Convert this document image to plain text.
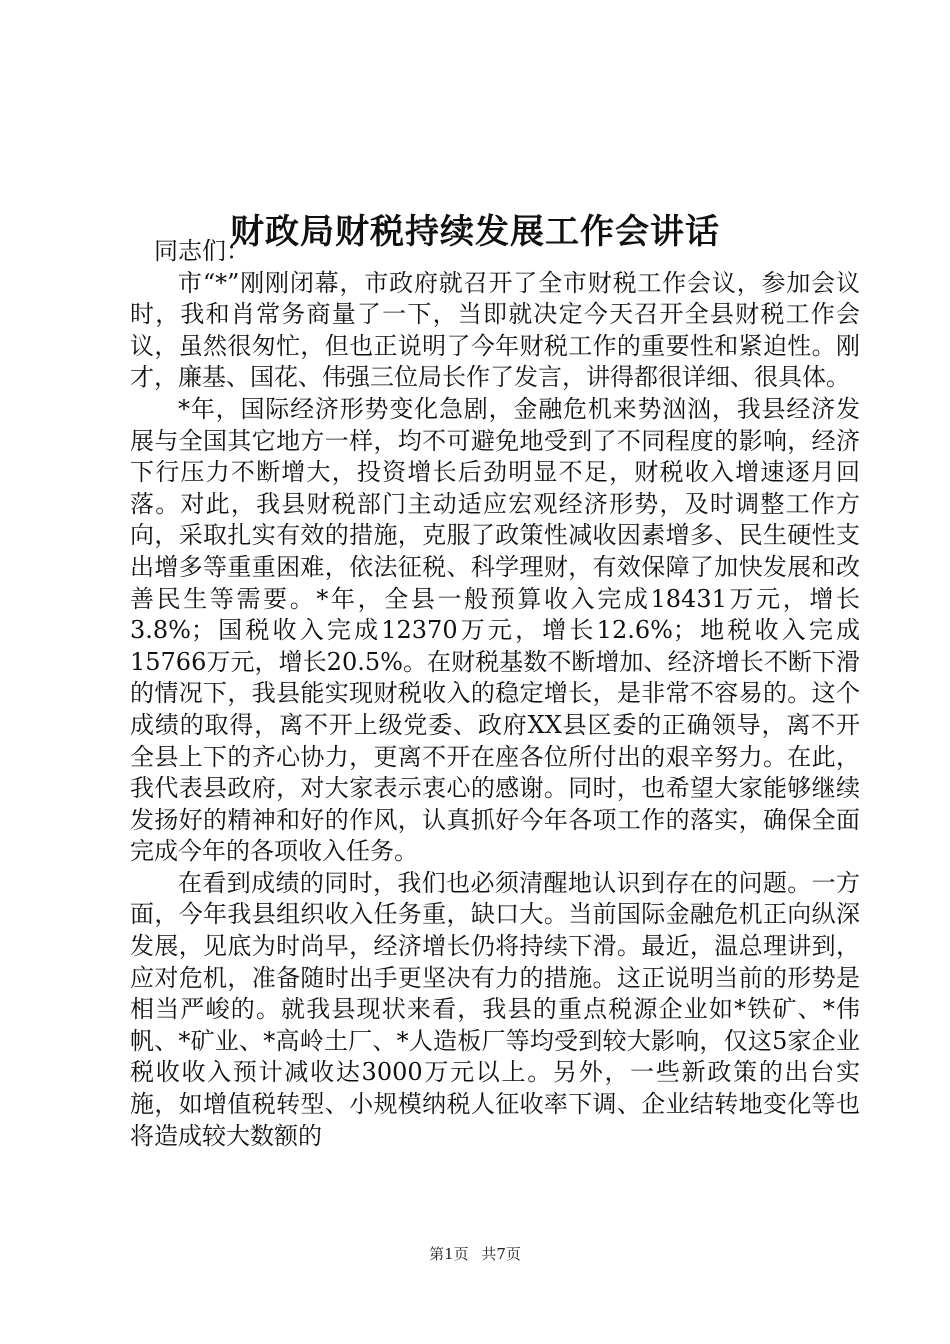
财政局财税持续发展工作会讲话

同志们：

市“*”刚刚闭幕，市政府就召开了全市财税工作会议，参加会议时，我和肖常务商量了一下，当即就决定今天召开全县财税工作会议，虽然很匆忙，但也正说明了今年财税工作的重要性和紧迫性。刚才，廉基、国花、伟强三位局长作了发言，讲得都很详细、很具体。

*年，国际经济形势变化急剧，金融危机来势汹汹，我县经济发展与全国其它地方一样，均不可避免地受到了不同程度的影响，经济下行压力不断增大，投资增长后劲明显不足，财税收入增速逐月回落。对此，我县财税部门主动适应宏观经济形势，及时调整工作方向，采取扎实有效的措施，克服了政策性减收因素增多、民生硬性支出增多等重重困难，依法征税、科学理财，有效保障了加快发展和改善民生等需要。*年，全县一般预算收入完成18431万元，增长3.8%；国税收入完成12370万元，增长12.6%；地税收入完成15766万元，增长20.5%。在财税基数不断增加、经济增长不断下滑的情况下，我县能实现财税收入的稳定增长，是非常不容易的。这个成绩的取得，离不开上级党委、政府XX县区委的正确领导，离不开全县上下的齐心协力，更离不开在座各位所付出的艰辛努力。在此，我代表县政府，对大家表示衷心的感谢。同时，也希望大家能够继续发扬好的精神和好的作风，认真抓好今年各项工作的落实，确保全面完成今年的各项收入任务。

在看到成绩的同时，我们也必须清醒地认识到存在的问题。一方面，今年我县组织收入任务重，缺口大。当前国际金融危机正向纵深发展，见底为时尚早，经济增长仍将持续下滑。最近，温总理讲到，应对危机，准备随时出手更坚决有力的措施。这正说明当前的形势是相当严峻的。就我县现状来看，我县的重点税源企业如*铁矿、*伟帆、*矿业、*高岭土厂、*人造板厂等均受到较大影响，仅这5家企业税收收入预计减收达3000万元以上。另外，一些新政策的出台实施，如增值税转型、小规模纳税人征收率下调、企业结转地变化等也将造成较大数额的

第1页 共7页
